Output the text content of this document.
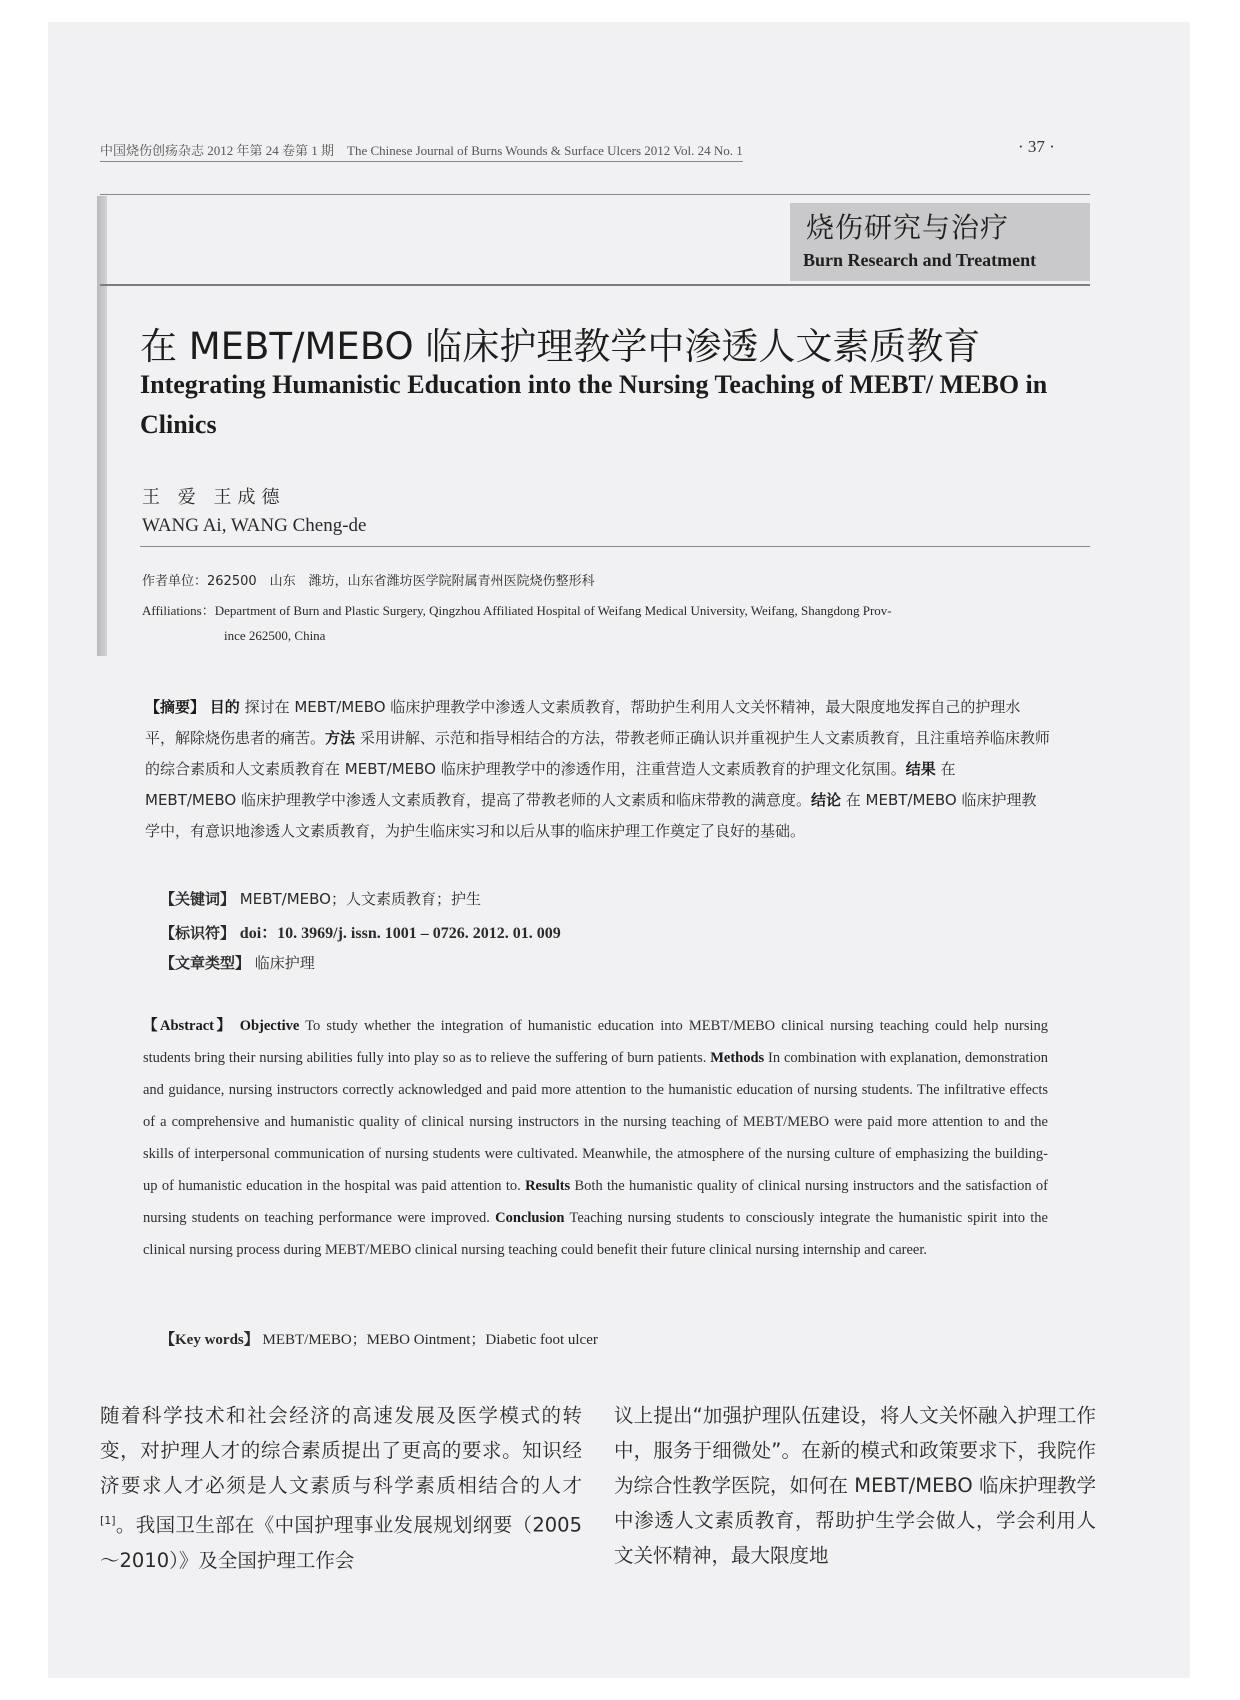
中国烧伤创疡杂志 2012 年第 24 卷第 1 期　The Chinese Journal of Burns Wounds & Surface Ulcers 2012 Vol. 24 No. 1	· 37 ·
烧伤研究与治疗
Burn Research and Treatment
在 MEBT/MEBO 临床护理教学中渗透人文素质教育
Integrating Humanistic Education into the Nursing Teaching of MEBT/ MEBO in Clinics
王 爱 王成德
WANG Ai, WANG Cheng-de
作者单位：262500　山东　潍坊，山东省潍坊医学院附属青州医院烧伤整形科
Affiliations：Department of Burn and Plastic Surgery, Qingzhou Affiliated Hospital of Weifang Medical University, Weifang, Shangdong Prov-
ince 262500, China
【摘要】 目的 探讨在 MEBT/MEBO 临床护理教学中渗透人文素质教育，帮助护生利用人文关怀精神，最大限度地发挥自己的护理水平，解除烧伤患者的痛苦。方法 采用讲解、示范和指导相结合的方法，带教老师正确认识并重视护生人文素质教育，且注重培养临床教师的综合素质和人文素质教育在 MEBT/MEBO 临床护理教学中的渗透作用，注重营造人文素质教育的护理文化氛围。结果 在 MEBT/MEBO 临床护理教学中渗透人文素质教育，提高了带教老师的人文素质和临床带教的满意度。结论 在 MEBT/MEBO 临床护理教学中，有意识地渗透人文素质教育，为护生临床实习和以后从事的临床护理工作奠定了良好的基础。
【关键词】 MEBT/MEBO；人文素质教育；护生
【标识符】 doi：10. 3969/j. issn. 1001 – 0726. 2012. 01. 009
【文章类型】 临床护理
【Abstract】 Objective To study whether the integration of humanistic education into MEBT/MEBO clinical nursing teaching could help nursing students bring their nursing abilities fully into play so as to relieve the suffering of burn patients. Methods In combination with explanation, demonstration and guidance, nursing instructors correctly acknowledged and paid more attention to the humanistic education of nursing students. The infiltrative effects of a comprehensive and humanistic quality of clinical nursing instructors in the nursing teaching of MEBT/MEBO were paid more attention to and the skills of interpersonal communication of nursing students were cultivated. Meanwhile, the atmosphere of the nursing culture of emphasizing the building-up of humanistic education in the hospital was paid attention to. Results Both the humanistic quality of clinical nursing instructors and the satisfaction of nursing students on teaching performance were improved. Conclusion Teaching nursing students to consciously integrate the humanistic spirit into the clinical nursing process during MEBT/MEBO clinical nursing teaching could benefit their future clinical nursing internship and career.
【Key words】 MEBT/MEBO；MEBO Ointment；Diabetic foot ulcer
随着科学技术和社会经济的高速发展及医学模式的转变，对护理人才的综合素质提出了更高的要求。知识经济要求人才必须是人文素质与科学素质相结合的人才[1]。我国卫生部在《中国护理事业发展规划纲要（2005～2010）》及全国护理工作会
议上提出“加强护理队伍建设，将人文关怀融入护理工作中，服务于细微处”。在新的模式和政策要求下，我院作为综合性教学医院，如何在 MEBT/MEBO 临床护理教学中渗透人文素质教育，帮助护生学会做人，学会利用人文关怀精神，最大限度地
